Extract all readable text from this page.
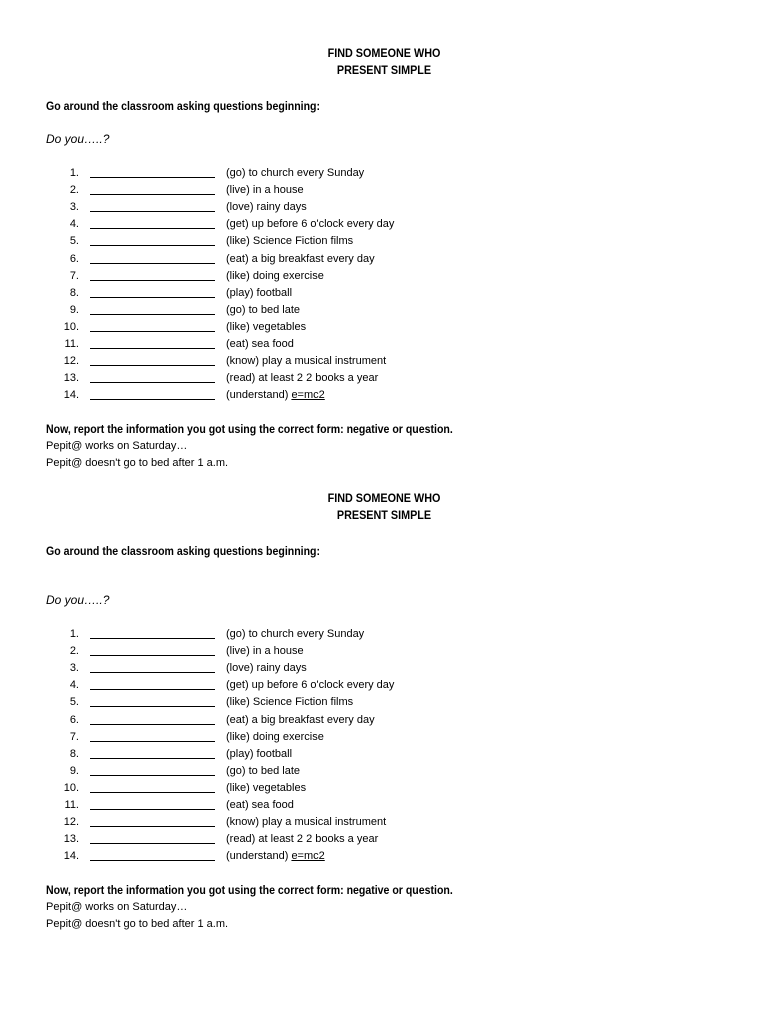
FIND SOMEONE WHO
PRESENT SIMPLE
Go around the classroom asking questions beginning:
Do you…..?
1.	(go) to church every Sunday
2.	(live) in a house
3.	(love) rainy days
4.	(get) up before 6 o'clock every day
5.	(like) Science Fiction films
6.	(eat) a big breakfast every day
7.	(like) doing exercise
8.	(play) football
9.	(go) to bed late
10.	(like) vegetables
11.	(eat) sea food
12.	(know) play a musical instrument
13.	(read) at least 2 2 books a year
14.	(understand) e=mc2
Now, report the information you got using the correct form: negative or question.
Pepit@ works on Saturday…
Pepit@ doesn't go to bed after 1 a.m.
FIND SOMEONE WHO
PRESENT SIMPLE
Go around the classroom asking questions beginning:
Do you…..?
1.	(go) to church every Sunday
2.	(live) in a house
3.	(love) rainy days
4.	(get) up before 6 o'clock every day
5.	(like) Science Fiction films
6.	(eat) a big breakfast every day
7.	(like) doing exercise
8.	(play) football
9.	(go) to bed late
10.	(like) vegetables
11.	(eat) sea food
12.	(know) play a musical instrument
13.	(read) at least 2 2 books a year
14.	(understand) e=mc2
Now, report the information you got using the correct form: negative or question.
Pepit@ works on Saturday…
Pepit@ doesn't go to bed after 1 a.m.
